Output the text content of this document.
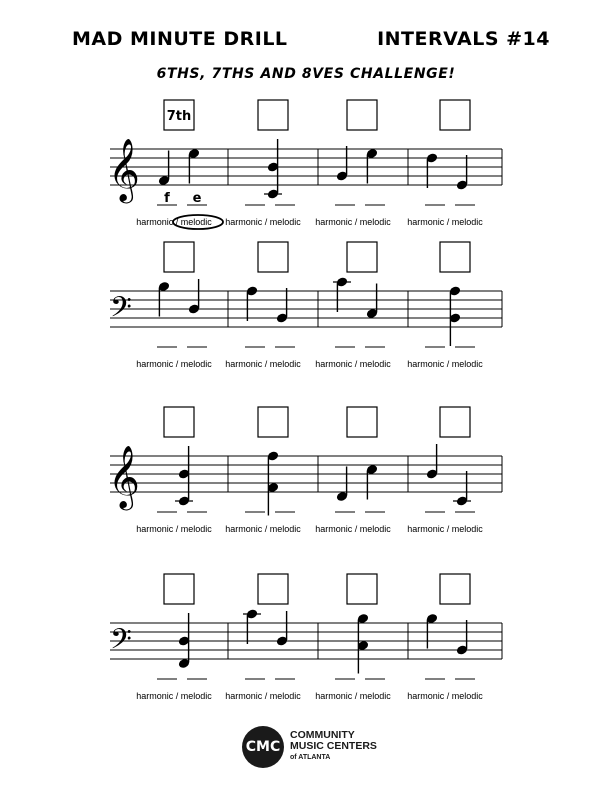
MAD MINUTE DRILL	INTERVALS #14
6THS, 7THS AND 8VES CHALLENGE!
𝄞
7th
f e
harmonic / melodic harmonic / melodic harmonic / melodic harmonic / melodic
𝄢
harmonic / melodic harmonic / melodic harmonic / melodic harmonic / melodic
𝄞
harmonic / melodic harmonic / melodic harmonic / melodic harmonic / melodic
𝄢
harmonic / melodic harmonic / melodic harmonic / melodic harmonic / melodic
CMC
COMMUNITY
MUSIC CENTERS
of ATLANTA
